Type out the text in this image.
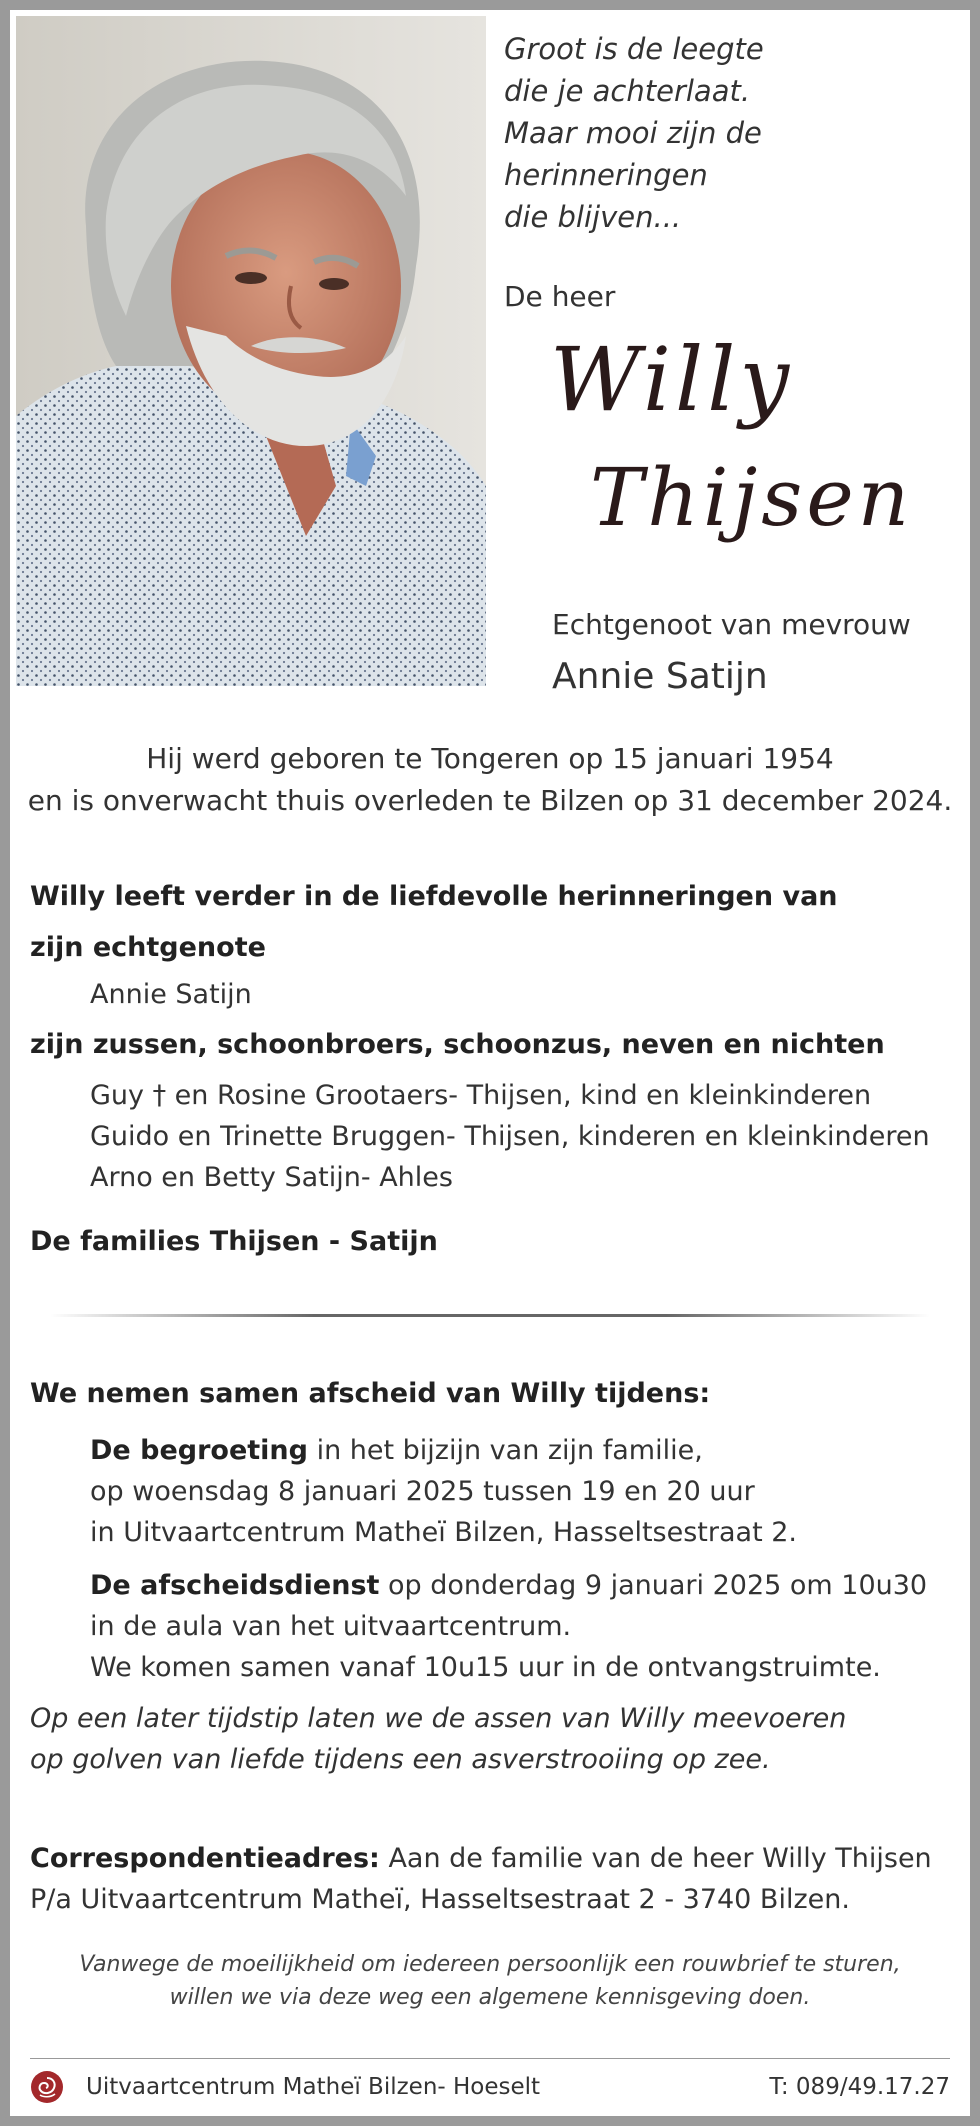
Groot is de leegte
die je achterlaat.
Maar mooi zijn de herinneringen
die blijven...
De heer
Willy
Thijsen
Echtgenoot van mevrouw
Annie Satijn
Hij werd geboren te Tongeren op 15 januari 1954
en is onverwacht thuis overleden te Bilzen op 31 december 2024.
Willy leeft verder in de liefdevolle herinneringen van
zijn echtgenote
Annie Satijn
zijn zussen, schoonbroers, schoonzus, neven en nichten
Guy † en Rosine Grootaers- Thijsen, kind en kleinkinderen
Guido en Trinette Bruggen- Thijsen, kinderen en kleinkinderen
Arno en Betty Satijn- Ahles
De families Thijsen - Satijn
We nemen samen afscheid van Willy tijdens:
De begroeting in het bijzijn van zijn familie,
op woensdag 8 januari 2025 tussen 19 en 20 uur
in Uitvaartcentrum Matheï Bilzen, Hasseltsestraat 2.
De afscheidsdienst op donderdag 9 januari 2025 om 10u30
in de aula van het uitvaartcentrum.
We komen samen vanaf 10u15 uur in de ontvangstruimte.
Op een later tijdstip laten we de assen van Willy meevoeren
op golven van liefde tijdens een asverstrooiing op zee.
Correspondentieadres: Aan de familie van de heer Willy Thijsen
P/a Uitvaartcentrum Matheï, Hasseltsestraat 2 - 3740 Bilzen.
Vanwege de moeilijkheid om iedereen persoonlijk een rouwbrief te sturen,
willen we via deze weg een algemene kennisgeving doen.
Uitvaartcentrum Matheï Bilzen- Hoeselt	T: 089/49.17.27
